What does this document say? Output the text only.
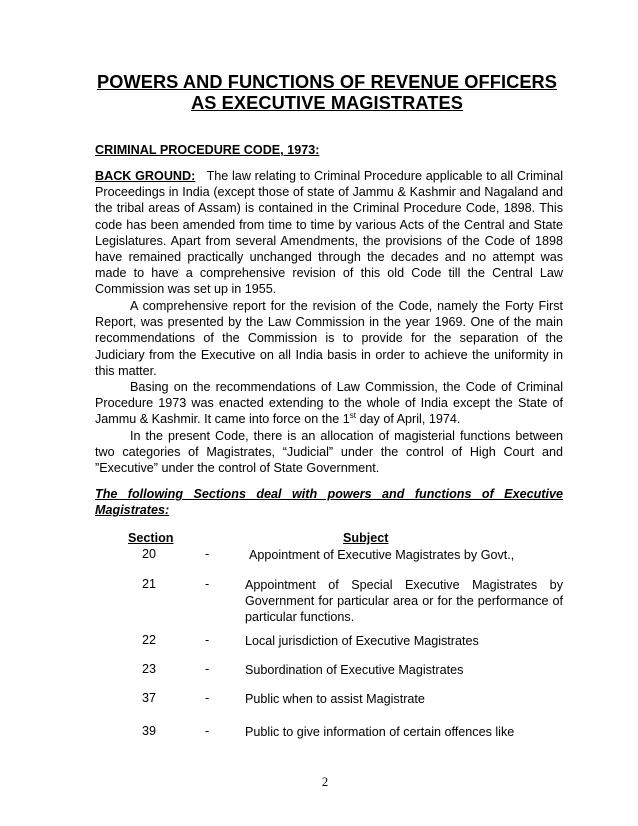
POWERS AND FUNCTIONS OF REVENUE OFFICERS AS EXECUTIVE MAGISTRATES
CRIMINAL PROCEDURE CODE, 1973:

BACK GROUND: The law relating to Criminal Procedure applicable to all Criminal Proceedings in India (except those of state of Jammu & Kashmir and Nagaland and the tribal areas of Assam) is contained in the Criminal Procedure Code, 1898. This code has been amended from time to time by various Acts of the Central and State Legislatures. Apart from several Amendments, the provisions of the Code of 1898 have remained practically unchanged through the decades and no attempt was made to have a comprehensive revision of this old Code till the Central Law Commission was set up in 1955.

A comprehensive report for the revision of the Code, namely the Forty First Report, was presented by the Law Commission in the year 1969. One of the main recommendations of the Commission is to provide for the separation of the Judiciary from the Executive on all India basis in order to achieve the uniformity in this matter.

Basing on the recommendations of Law Commission, the Code of Criminal Procedure 1973 was enacted extending to the whole of India except the State of Jammu & Kashmir. It came into force on the 1st day of April, 1974.

In the present Code, there is an allocation of magisterial functions between two categories of Magistrates, “Judicial” under the control of High Court and ”Executive” under the control of State Government.

The following Sections deal with powers and functions of Executive Magistrates:
Section	Subject
20	-	Appointment of Executive Magistrates by Govt.,
21	-	Appointment of Special Executive Magistrates by Government for particular area or for the performance of particular functions.
22	-	Local jurisdiction of Executive Magistrates
23	-	Subordination of Executive Magistrates
37	-	Public when to assist Magistrate
39	-	Public to give information of certain offences like
2
